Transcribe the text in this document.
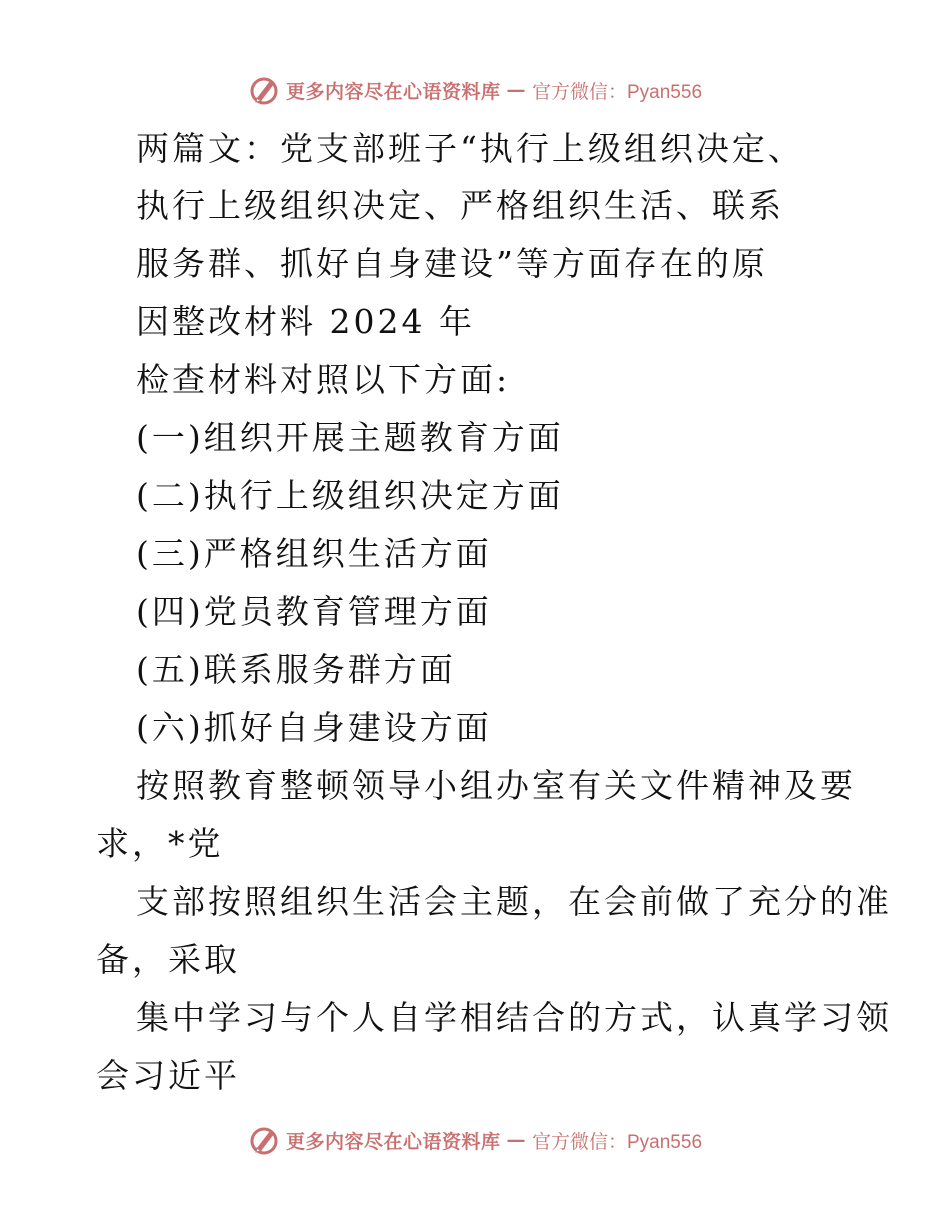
更多内容尽在心语资料库 — 官方微信：Pyan556
两篇文：党支部班子“执行上级组织决定、
执行上级组织决定、严格组织生活、联系
服务群、抓好自身建设”等方面存在的原
因整改材料 2024 年
检查材料对照以下方面:
(一)组织开展主题教育方面
(二)执行上级组织决定方面
(三)严格组织生活方面
(四)党员教育管理方面
(五)联系服务群方面
(六)抓好自身建设方面
按照教育整顿领导小组办室有关文件精神及要
求，*党
支部按照组织生活会主题，在会前做了充分的准
备，采取
集中学习与个人自学相结合的方式，认真学习领
会习近平
更多内容尽在心语资料库 — 官方微信：Pyan556
